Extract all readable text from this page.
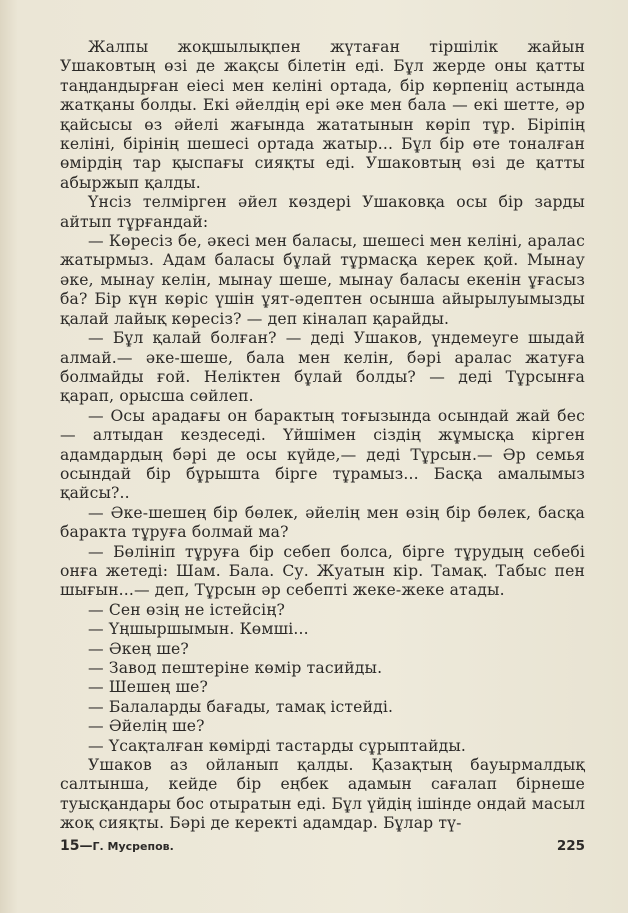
Жалпы жоқшылықпен жүтаған тіршілік жайын Ушаковтың өзі де жақсы білетін еді. Бұл жерде оны қатты таңдандырған еіесі мен келіні ортада, бір көрпеніц астында жатқаны болды. Екі әйелдің ері әке мен бала — екі шетте, әр қайсысы өз әйелі жағында жататынын көріп тұр. Біріпің келіні, бірінің шешесі ортада жатыр... Бұл бір өте тоналған өмірдің тар қыспағы сияқты еді. Ушаковтың өзі де қатты абыржып қалды.

Үнсіз телмірген әйел көздері Ушаковқа осы бір зарды айтып тұрғандай:

— Көресіз бе, әкесі мен баласы, шешесі мен келіні, аралас жатырмыз. Адам баласы бұлай тұрмасқа керек қой. Мынау әке, мынау келін, мынау шеше, мынау баласы екенін ұғасыз ба? Бір күн көріс үшін ұят-әдептен осынша айырылуымызды қалай лайық көресіз? — деп кіналап қарайды.

— Бұл қалай болған? — деді Ушаков, үндемеуге шыдай алмай.— әке-шеше, бала мен келін, бәрі аралас жатуға болмайды ғой. Неліктен бұлай болды? — деді Тұрсынға қарап, орысша сөйлеп.

— Осы арадағы он барактың тоғызында осындай жай бес — алтыдан кездеседі. Үйшімен сіздің жұмысқа кірген адамдардың бәрі де осы күйде,— деді Тұрсын.— Әр семья осындай бір бұрышта бірге тұрамыз... Басқа амалымыз қайсы?..

— Әке-шешең бір бөлек, әйелің мен өзің бір бөлек, басқа баракта тұруға болмай ма?

— Бөлініп тұруға бір себеп болса, бірге тұрудың себебі онға жетеді: Шам. Бала. Су. Жуатын кір. Тамақ. Табыс пен шығын...— деп, Тұрсын әр себепті жеке-жеке атады.

— Сен өзің не істейсің?

— Үңшыршымын. Көмші...

— Әкең ше?

— Завод пештеріне көмір тасийды.

— Шешең ше?

— Балаларды бағады, тамақ істейді.

— Әйелің ше?

— Үсақталған көмірді тастарды сұрыптайды.

Ушаков аз ойланып қалды. Қазақтың бауырмалдық салтынша, кейде бір еңбек адамын сағалап бірнеше туысқандары бос отыратын еді. Бұл үйдің ішінде ондай масыл жоқ сияқты. Бәрі де керекті адамдар. Бұлар тү-

15—Г. Мусрепов.	225
